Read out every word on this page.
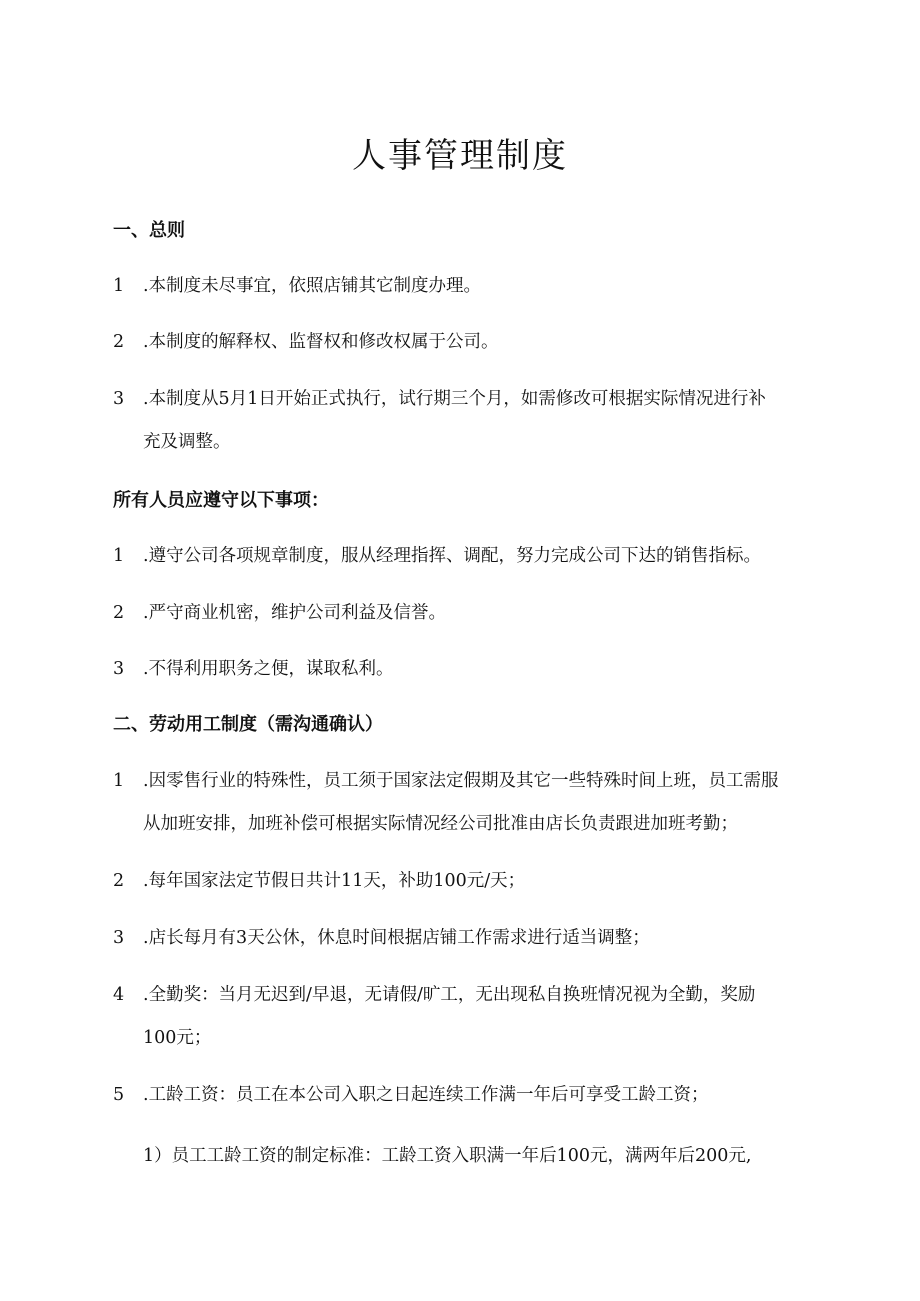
人事管理制度
一、总则
1 .本制度未尽事宜，依照店铺其它制度办理。
2 .本制度的解释权、监督权和修改权属于公司。
3 .本制度从5月1日开始正式执行，试行期三个月，如需修改可根据实际情况进行补
充及调整。
所有人员应遵守以下事项：
1 .遵守公司各项规章制度，服从经理指挥、调配，努力完成公司下达的销售指标。
2 .严守商业机密，维护公司利益及信誉。
3 .不得利用职务之便，谋取私利。
二、劳动用工制度（需沟通确认）
1 .因零售行业的特殊性，员工须于国家法定假期及其它一些特殊时间上班，员工需服
从加班安排，加班补偿可根据实际情况经公司批准由店长负责跟进加班考勤；
2 .每年国家法定节假日共计11天，补助100元/天；
3 .店长每月有3天公休，休息时间根据店铺工作需求进行适当调整；
4 .全勤奖：当月无迟到/早退，无请假/旷工，无出现私自换班情况视为全勤，奖励
100元；
5 .工龄工资：员工在本公司入职之日起连续工作满一年后可享受工龄工资；
1）员工工龄工资的制定标准：工龄工资入职满一年后100元，满两年后200元,
